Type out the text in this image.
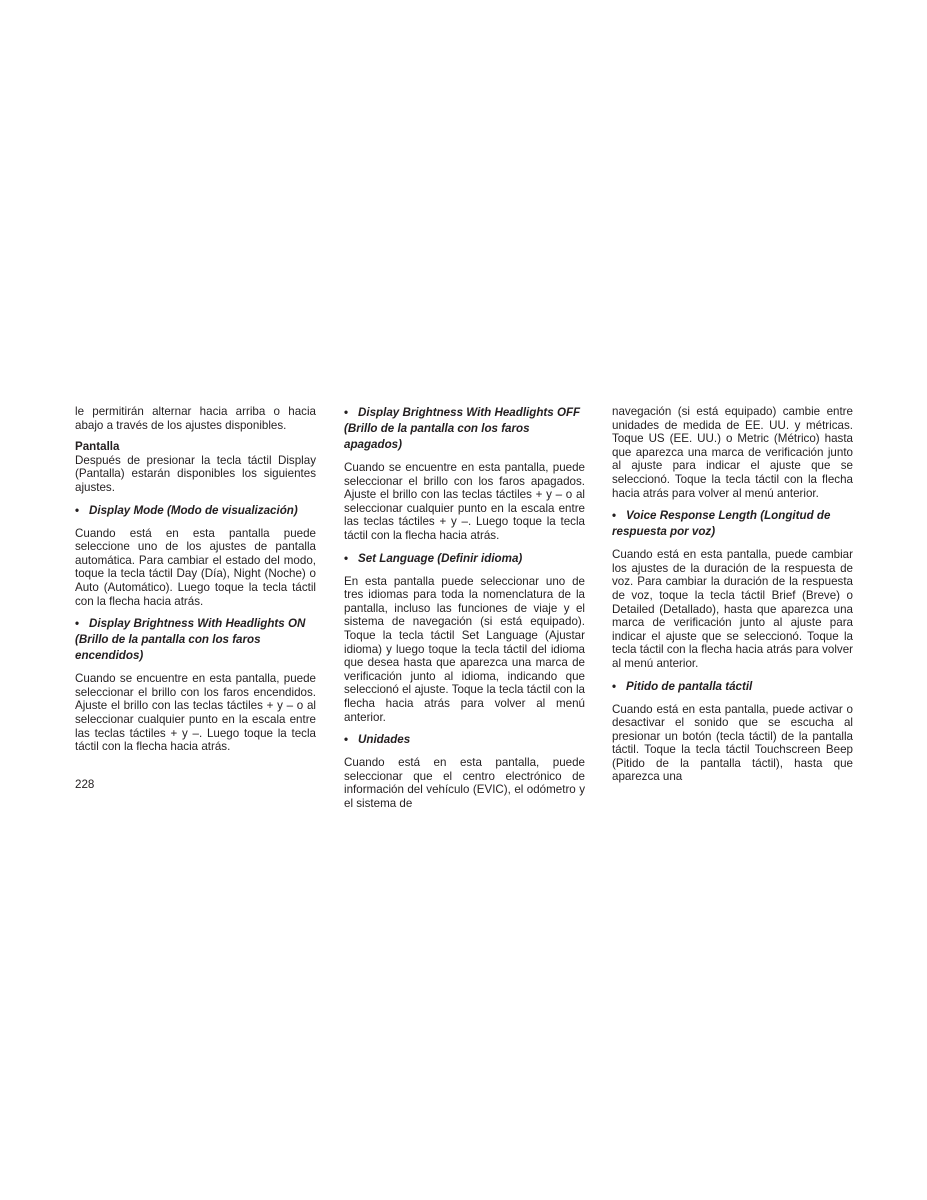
le permitirán alternar hacia arriba o hacia abajo a través de los ajustes disponibles.

Pantalla

Después de presionar la tecla táctil Display (Pantalla) estarán disponibles los siguientes ajustes.

• Display Mode (Modo de visualización)

Cuando está en esta pantalla puede seleccione uno de los ajustes de pantalla automática. Para cambiar el estado del modo, toque la tecla táctil Day (Día), Night (Noche) o Auto (Automático). Luego toque la tecla táctil con la flecha hacia atrás.

• Display Brightness With Headlights ON (Brillo de la pantalla con los faros encendidos)

Cuando se encuentre en esta pantalla, puede seleccionar el brillo con los faros encendidos. Ajuste el brillo con las teclas táctiles + y – o al seleccionar cualquier punto en la escala entre las teclas táctiles + y –. Luego toque la tecla táctil con la flecha hacia atrás.

• Display Brightness With Headlights OFF (Brillo de la pantalla con los faros apagados)

Cuando se encuentre en esta pantalla, puede seleccionar el brillo con los faros apagados. Ajuste el brillo con las teclas táctiles + y – o al seleccionar cualquier punto en la escala entre las teclas táctiles + y –. Luego toque la tecla táctil con la flecha hacia atrás.

• Set Language (Definir idioma)

En esta pantalla puede seleccionar uno de tres idiomas para toda la nomenclatura de la pantalla, incluso las funciones de viaje y el sistema de navegación (si está equipado). Toque la tecla táctil Set Language (Ajustar idioma) y luego toque la tecla táctil del idioma que desea hasta que aparezca una marca de verificación junto al idioma, indicando que seleccionó el ajuste. Toque la tecla táctil con la flecha hacia atrás para volver al menú anterior.

• Unidades

Cuando está en esta pantalla, puede seleccionar que el centro electrónico de información del vehículo (EVIC), el odómetro y el sistema de

navegación (si está equipado) cambie entre unidades de medida de EE. UU. y métricas. Toque US (EE. UU.) o Metric (Métrico) hasta que aparezca una marca de verificación junto al ajuste para indicar el ajuste que se seleccionó. Toque la tecla táctil con la flecha hacia atrás para volver al menú anterior.

• Voice Response Length (Longitud de respuesta por voz)

Cuando está en esta pantalla, puede cambiar los ajustes de la duración de la respuesta de voz. Para cambiar la duración de la respuesta de voz, toque la tecla táctil Brief (Breve) o Detailed (Detallado), hasta que aparezca una marca de verificación junto al ajuste para indicar el ajuste que se seleccionó. Toque la tecla táctil con la flecha hacia atrás para volver al menú anterior.

• Pitido de pantalla táctil

Cuando está en esta pantalla, puede activar o desactivar el sonido que se escucha al presionar un botón (tecla táctil) de la pantalla táctil. Toque la tecla táctil Touchscreen Beep (Pitido de la pantalla táctil), hasta que aparezca una

228
